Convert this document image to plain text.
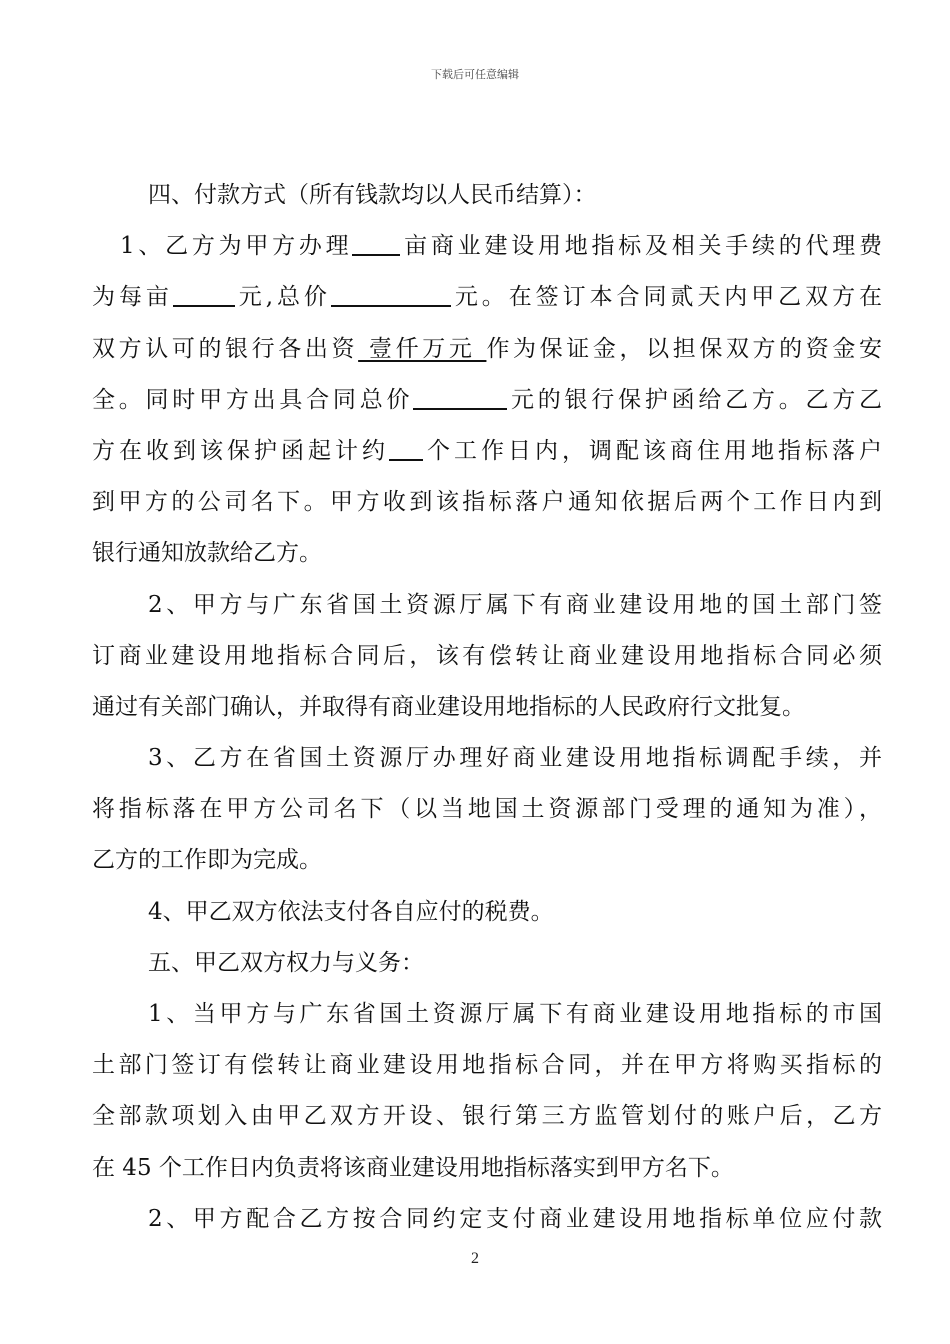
下载后可任意编辑
四、付款方式（所有钱款均以人民币结算）：
1、乙方为甲方办理 亩商业建设用地指标及相关手续的代理费
为每亩	元,总价	元。在签订本合同贰天内甲乙双方在
双方认可的银行各出资 壹仟万元 作为保证金，以担保双方的资金安
全。同时甲方出具合同总价	元的银行保护函给乙方。乙方乙
方在收到该保护函起计约 个工作日内，调配该商住用地指标落户
到甲方的公司名下。甲方收到该指标落户通知依据后两个工作日内到
银行通知放款给乙方。
2、甲方与广东省国土资源厅属下有商业建设用地的国土部门签
订商业建设用地指标合同后，该有偿转让商业建设用地指标合同必须
通过有关部门确认，并取得有商业建设用地指标的人民政府行文批复。
3、乙方在省国土资源厅办理好商业建设用地指标调配手续，并
将指标落在甲方公司名下（以当地国土资源部门受理的通知为准），
乙方的工作即为完成。
4、甲乙双方依法支付各自应付的税费。
五、甲乙双方权力与义务：
1、当甲方与广东省国土资源厅属下有商业建设用地指标的市国
土部门签订有偿转让商业建设用地指标合同，并在甲方将购买指标的
全部款项划入由甲乙双方开设、银行第三方监管划付的账户后，乙方
在 45 个工作日内负责将该商业建设用地指标落实到甲方名下。
2、甲方配合乙方按合同约定支付商业建设用地指标单位应付款
2
